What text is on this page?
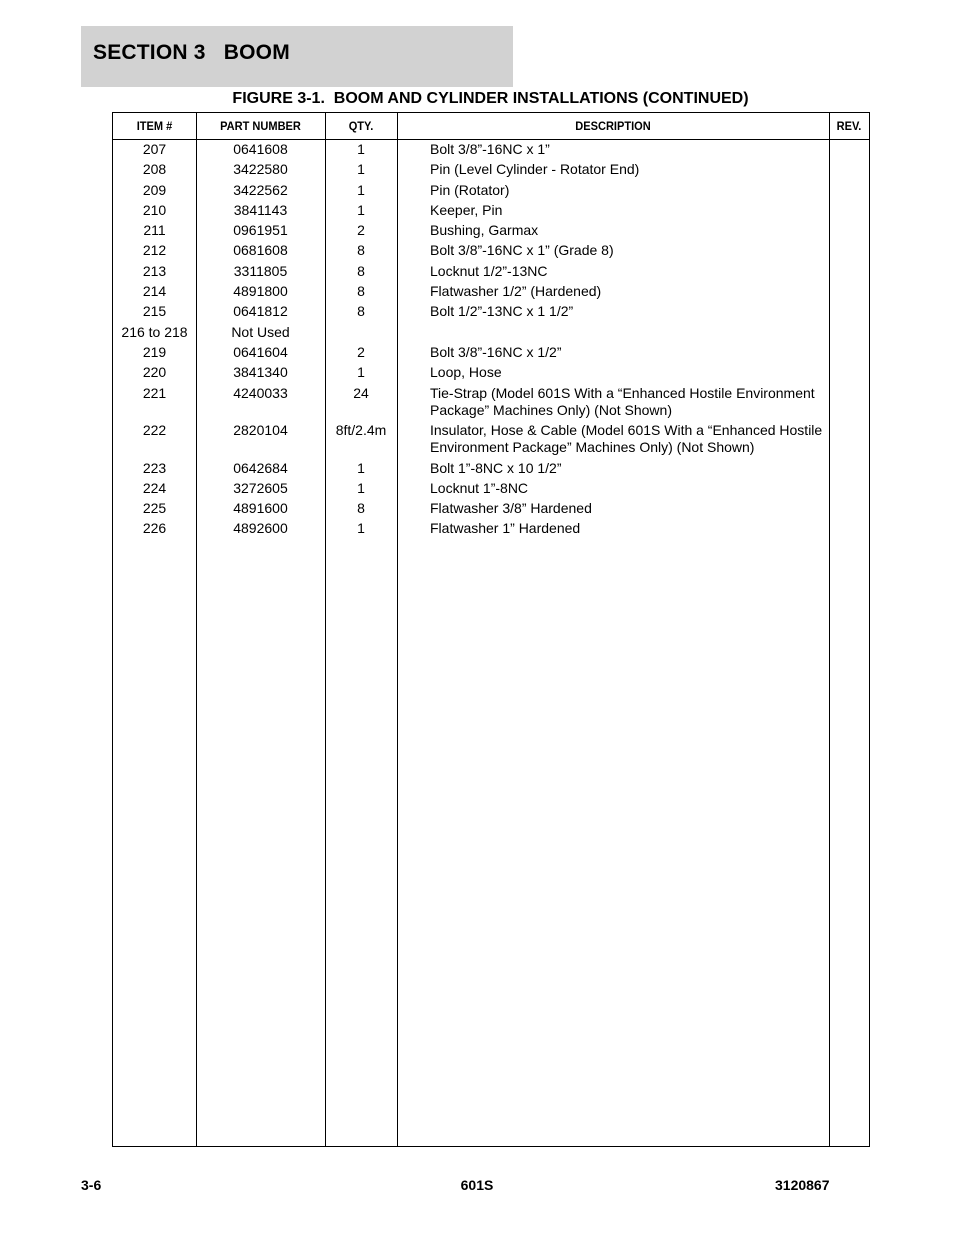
SECTION 3   BOOM
FIGURE 3-1.  BOOM AND CYLINDER INSTALLATIONS (CONTINUED)
ITEM #	PART NUMBER	QTY.	DESCRIPTION	REV.
207	0641608	1	Bolt 3/8”-16NC x 1”
208	3422580	1	Pin (Level Cylinder - Rotator End)
209	3422562	1	Pin (Rotator)
210	3841143	1	Keeper, Pin
211	0961951	2	Bushing, Garmax
212	0681608	8	Bolt 3/8”-16NC x 1” (Grade 8)
213	3311805	8	Locknut 1/2”-13NC
214	4891800	8	Flatwasher 1/2” (Hardened)
215	0641812	8	Bolt 1/2”-13NC x 1 1/2”
216 to 218	Not Used
219	0641604	2	Bolt 3/8”-16NC x 1/2”
220	3841340	1	Loop, Hose
221	4240033	24	Tie-Strap (Model 601S With a “Enhanced Hostile Environment Package” Machines Only) (Not Shown)
222	2820104	8ft/2.4m	Insulator, Hose & Cable (Model 601S With a “Enhanced Hostile Environment Package” Machines Only) (Not Shown)
223	0642684	1	Bolt 1”-8NC x 10 1/2”
224	3272605	1	Locknut 1”-8NC
225	4891600	8	Flatwasher 3/8” Hardened
226	4892600	1	Flatwasher 1” Hardened
3-6	601S	3120867
